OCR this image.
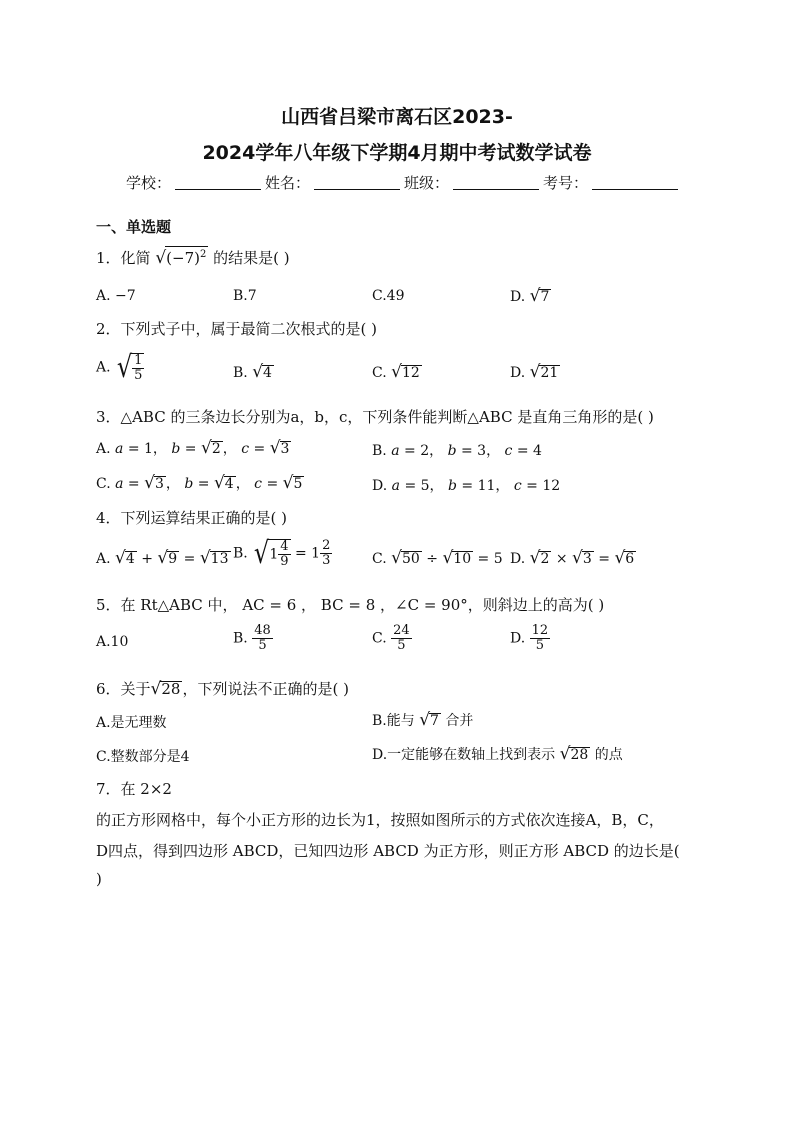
山西省吕梁市离石区2023-
2024学年八年级下学期4月期中考试数学试卷
学校：	姓名：	班级：	考号：
一、单选题
1．化简 $√(-7)^2$ 的结果是( )
A. −7	B.7	C.49	D. √7
2．下列式子中，属于最简二次根式的是( )
A. √ $\frac{1}{5}$	B. √4	C. √12	D. √21
3．△ABC 的三条边长分别为a，b，c，下列条件能判断△ABC 是直角三角形的是( )
A. a = 1， b = √2 ， c = √3	B. a = 2， b = 3， c = 4
C. a = √3 ， b = √4 ， c = √5	D. a = 5， b = 11， c = 12
4．下列运算结果正确的是( )
A. √4 + √9 = √13 B. $√1 \frac{4}{9} = 1 \frac{2}{3}$	C. √50 ÷ √10 = 5 D. √2 × √3 = √6
5．在 Rt△ABC 中， AC = 6 ， BC = 8 ，∠C = 90°，则斜边上的高为( )
A.10	B. $\frac{48}{5}$	C. $\frac{24}{5}$	D. $\frac{12}{5}$
6．关于√28 ，下列说法不正确的是( )
A.是无理数	B.能与 √7 合并
C.整数部分是4	D.一定能够在数轴上找到表示 √28 的点
7．在 2×2
的正方形网格中，每个小正方形的边长为1，按照如图所示的方式依次连接A，B，C，
D四点，得到四边形 ABCD，已知四边形 ABCD 为正方形，则正方形 ABCD 的边长是(
)
